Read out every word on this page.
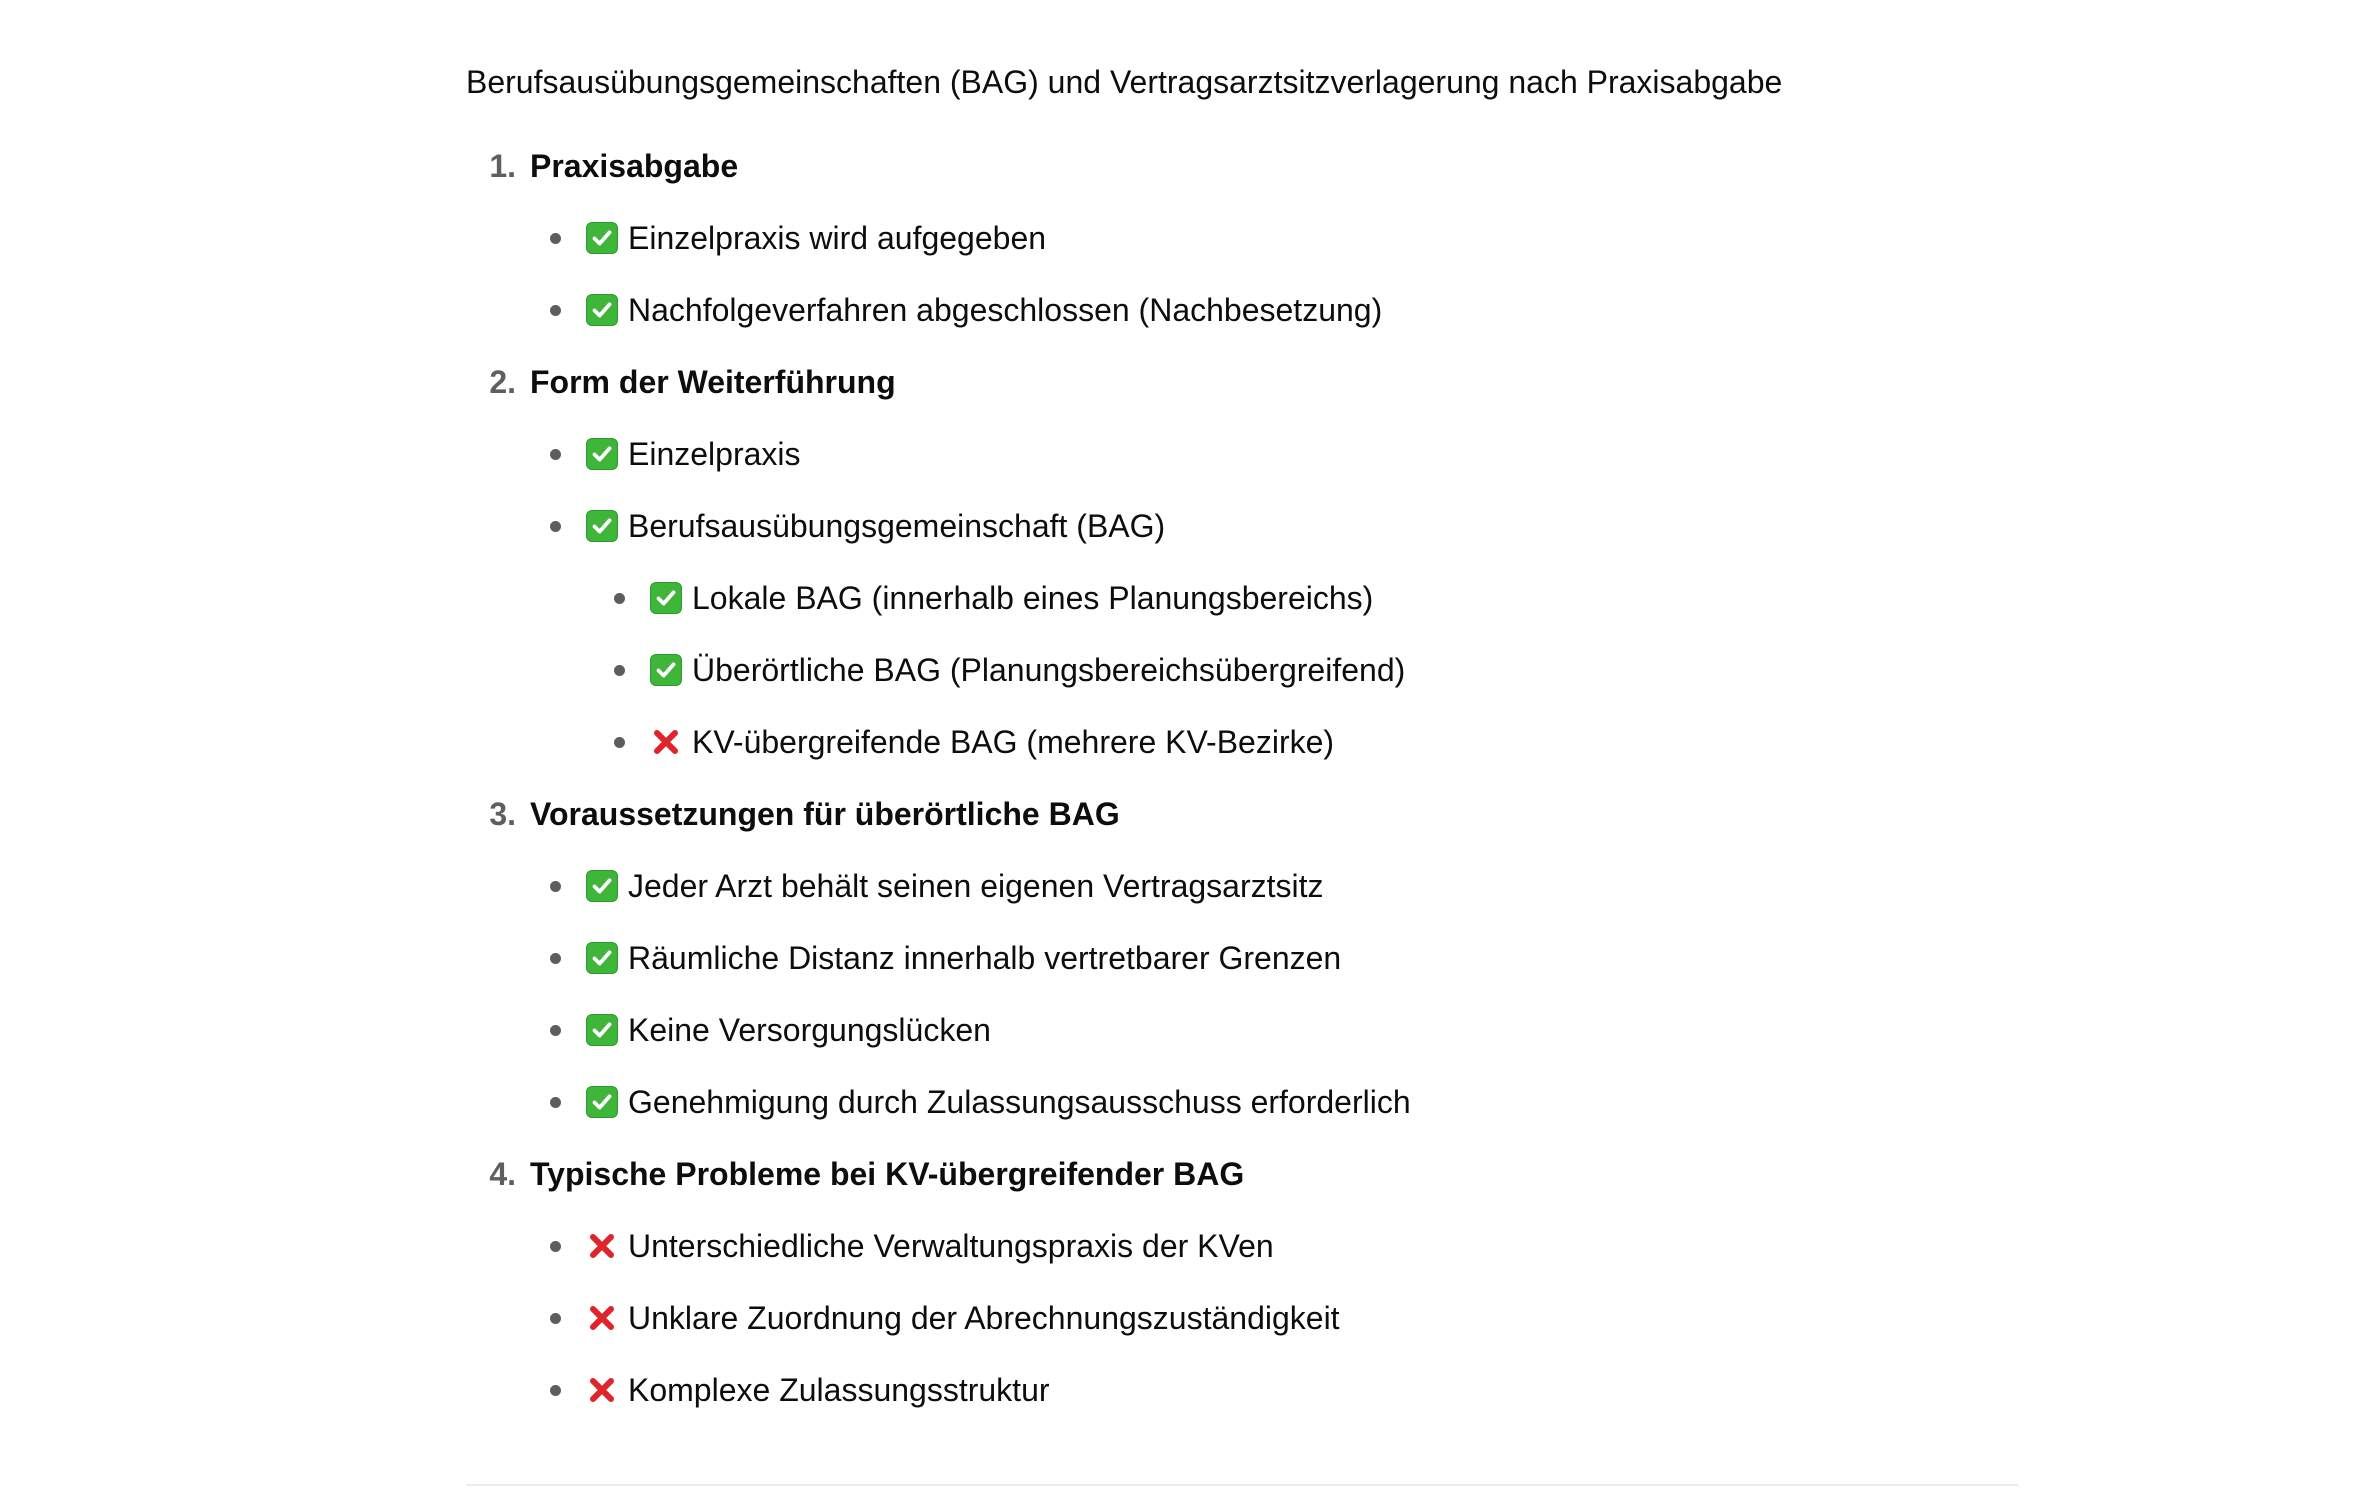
Berufsausübungsgemeinschaften (BAG) und Vertragsarztsitzverlagerung nach Praxisabgabe

1. Praxisabgabe
Einzelpraxis wird aufgegeben
Nachfolgeverfahren abgeschlossen (Nachbesetzung)
2. Form der Weiterführung
Einzelpraxis
Berufsausübungsgemeinschaft (BAG)
Lokale BAG (innerhalb eines Planungsbereichs)
Überörtliche BAG (Planungsbereichsübergreifend)
KV-übergreifende BAG (mehrere KV-Bezirke)
3. Voraussetzungen für überörtliche BAG
Jeder Arzt behält seinen eigenen Vertragsarztsitz
Räumliche Distanz innerhalb vertretbarer Grenzen
Keine Versorgungslücken
Genehmigung durch Zulassungsausschuss erforderlich
4. Typische Probleme bei KV-übergreifender BAG
Unterschiedliche Verwaltungspraxis der KVen
Unklare Zuordnung der Abrechnungszuständigkeit
Komplexe Zulassungsstruktur
